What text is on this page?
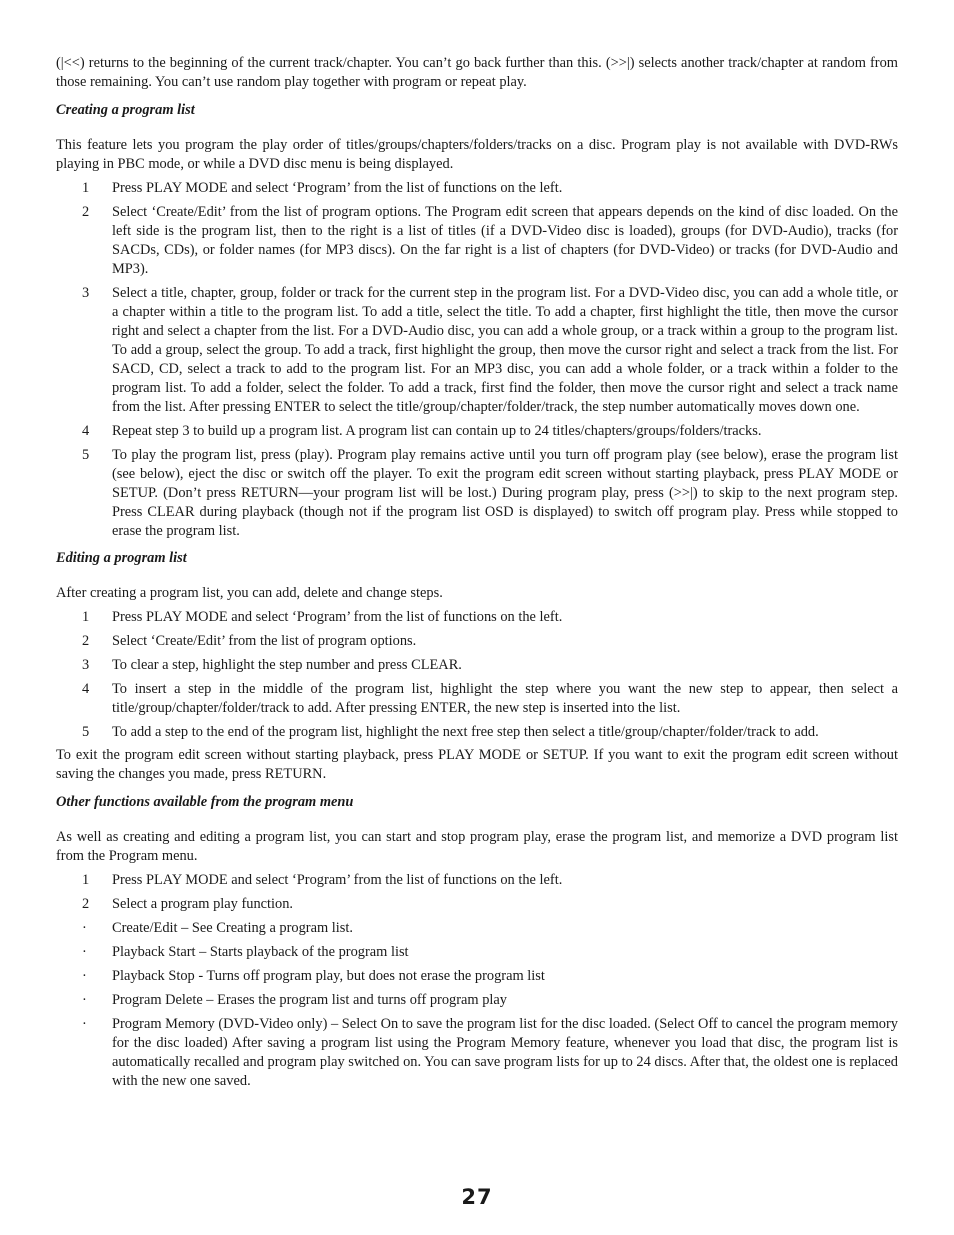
(|<<) returns to the beginning of the current track/chapter. You can’t go back further than this. (>>|) selects another track/chapter at random from those remaining. You can’t use random play together with program or repeat play.

Creating a program list

This feature lets you program the play order of titles/groups/chapters/folders/tracks on a disc. Program play is not available with DVD-RWs playing in PBC mode, or while a DVD disc menu is being displayed.

1	Press PLAY MODE and select ‘Program’ from the list of functions on the left.
2	Select ‘Create/Edit’ from the list of program options. The Program edit screen that appears depends on the kind of disc loaded. On the left side is the program list, then to the right is a list of titles (if a DVD-Video disc is loaded), groups (for DVD-Audio), tracks (for SACDs, CDs), or folder names (for MP3 discs). On the far right is a list of chapters (for DVD-Video) or tracks (for DVD-Audio and MP3).
3	Select a title, chapter, group, folder or track for the current step in the program list. For a DVD-Video disc, you can add a whole title, or a chapter within a title to the program list. To add a title, select the title. To add a chapter, first highlight the title, then move the cursor right and select a chapter from the list. For a DVD-Audio disc, you can add a whole group, or a track within a group to the program list. To add a group, select the group. To add a track, first highlight the group, then move the cursor right and select a track from the list. For SACD, CD, select a track to add to the program list. For an MP3 disc, you can add a whole folder, or a track within a folder to the program list. To add a folder, select the folder. To add a track, first find the folder, then move the cursor right and select a track name from the list. After pressing ENTER to select the title/group/chapter/folder/track, the step number automatically moves down one.
4	Repeat step 3 to build up a program list. A program list can contain up to 24 titles/chapters/groups/folders/tracks.
5	To play the program list, press (play). Program play remains active until you turn off program play (see below), erase the program list (see below), eject the disc or switch off the player. To exit the program edit screen without starting playback, press PLAY MODE or SETUP. (Don’t press RETURN—your program list will be lost.) During program play, press (>>|) to skip to the next program step. Press CLEAR during playback (though not if the program list OSD is displayed) to switch off program play. Press while stopped to erase the program list.

Editing a program list

After creating a program list, you can add, delete and change steps.

1	Press PLAY MODE and select ‘Program’ from the list of functions on the left.
2	Select ‘Create/Edit’ from the list of program options.
3	To clear a step, highlight the step number and press CLEAR.
4	To insert a step in the middle of the program list, highlight the step where you want the new step to appear, then select a title/group/chapter/folder/track to add. After pressing ENTER, the new step is inserted into the list.
5	To add a step to the end of the program list, highlight the next free step then select a title/group/chapter/folder/track to add.

To exit the program edit screen without starting playback, press PLAY MODE or SETUP. If you want to exit the program edit screen without saving the changes you made, press RETURN.

Other functions available from the program menu

As well as creating and editing a program list, you can start and stop program play, erase the program list, and memorize a DVD program list from the Program menu.

1	Press PLAY MODE and select ‘Program’ from the list of functions on the left.
2	Select a program play function.
·	Create/Edit – See Creating a program list.
·	Playback Start – Starts playback of the program list
·	Playback Stop - Turns off program play, but does not erase the program list
·	Program Delete – Erases the program list and turns off program play
·	Program Memory (DVD-Video only) – Select On to save the program list for the disc loaded. (Select Off to cancel the program memory for the disc loaded) After saving a program list using the Program Memory feature, whenever you load that disc, the program list is automatically recalled and program play switched on. You can save program lists for up to 24 discs. After that, the oldest one is replaced with the new one saved.
27
